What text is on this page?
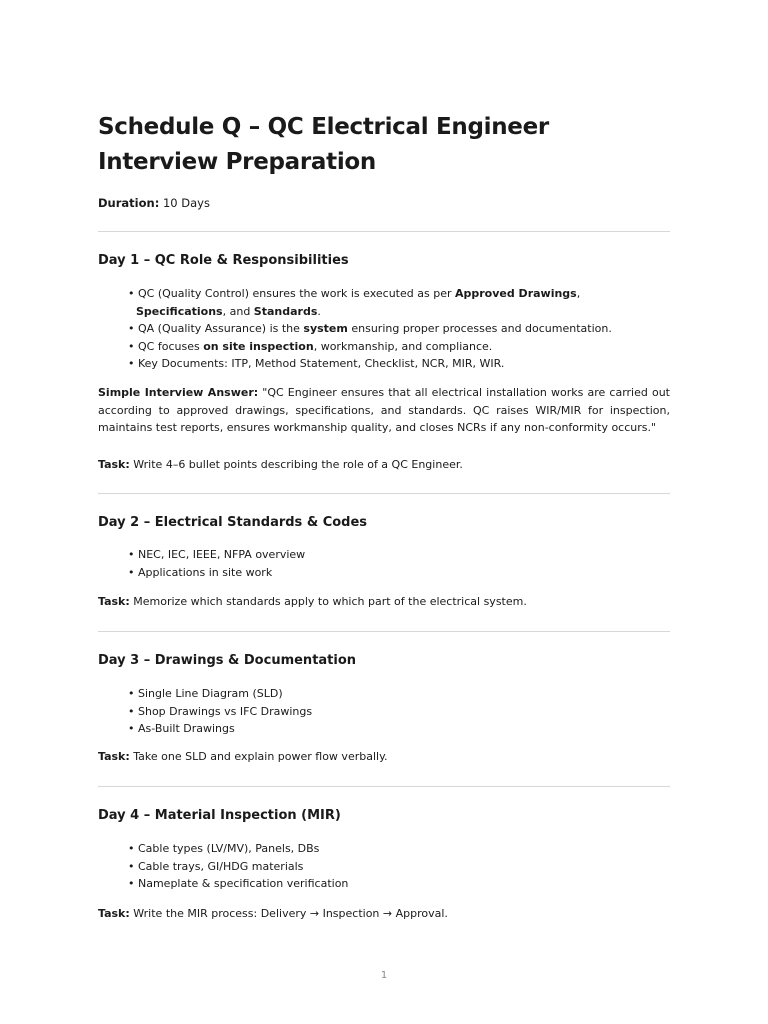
Schedule Q – QC Electrical Engineer Interview Preparation

Duration: 10 Days

Day 1 – QC Role & Responsibilities
• QC (Quality Control) ensures the work is executed as per Approved Drawings, Specifications, and Standards.
• QA (Quality Assurance) is the system ensuring proper processes and documentation.
• QC focuses on site inspection, workmanship, and compliance.
• Key Documents: ITP, Method Statement, Checklist, NCR, MIR, WIR.

Simple Interview Answer: "QC Engineer ensures that all electrical installation works are carried out according to approved drawings, specifications, and standards. QC raises WIR/MIR for inspection, maintains test reports, ensures workmanship quality, and closes NCRs if any non-conformity occurs."

Task: Write 4–6 bullet points describing the role of a QC Engineer.

Day 2 – Electrical Standards & Codes
• NEC, IEC, IEEE, NFPA overview
• Applications in site work

Task: Memorize which standards apply to which part of the electrical system.

Day 3 – Drawings & Documentation
• Single Line Diagram (SLD)
• Shop Drawings vs IFC Drawings
• As-Built Drawings

Task: Take one SLD and explain power flow verbally.

Day 4 – Material Inspection (MIR)
• Cable types (LV/MV), Panels, DBs
• Cable trays, GI/HDG materials
• Nameplate & specification verification

Task: Write the MIR process: Delivery → Inspection → Approval.

1
